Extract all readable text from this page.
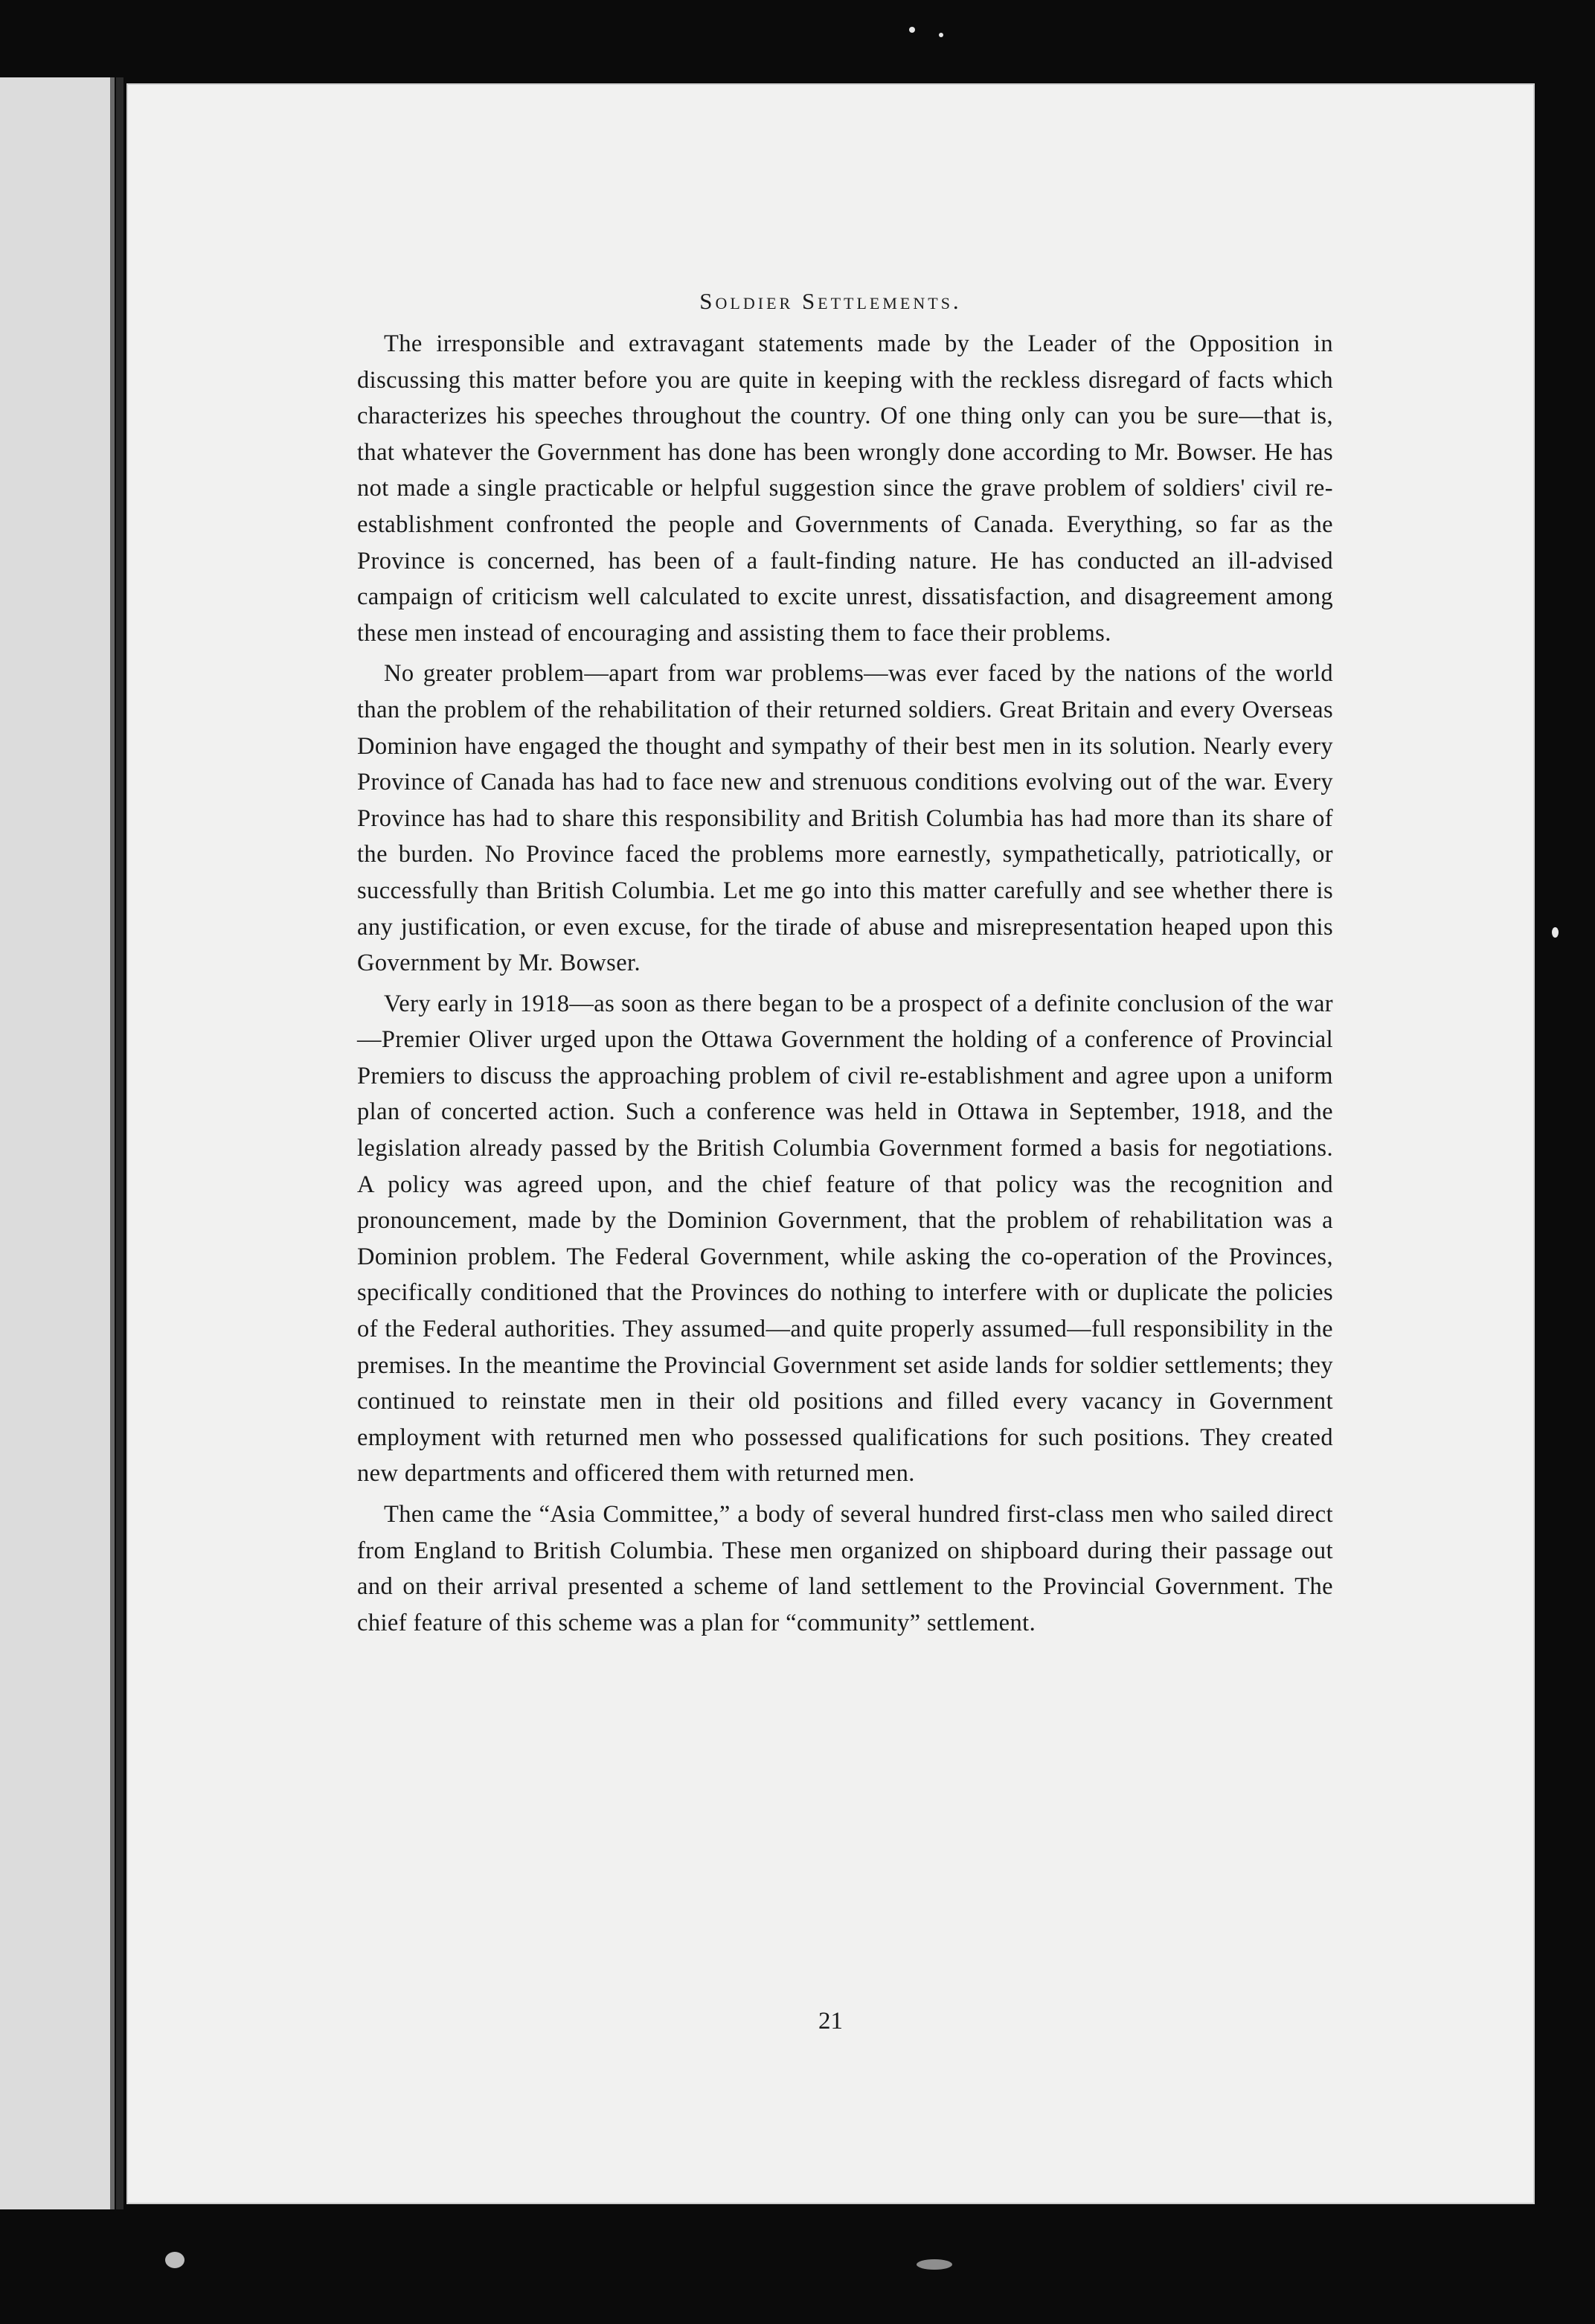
Soldier Settlements.

The irresponsible and extravagant statements made by the Leader of the Opposition in discussing this matter before you are quite in keeping with the reckless disregard of facts which characterizes his speeches throughout the country. Of one thing only can you be sure—that is, that whatever the Government has done has been wrongly done according to Mr. Bowser. He has not made a single practicable or helpful suggestion since the grave problem of soldiers' civil re-establishment confronted the people and Governments of Canada. Everything, so far as the Province is concerned, has been of a fault-finding nature. He has conducted an ill-advised campaign of criticism well calculated to excite unrest, dissatisfaction, and disagreement among these men instead of encouraging and assisting them to face their problems.

No greater problem—apart from war problems—was ever faced by the nations of the world than the problem of the rehabilitation of their returned soldiers. Great Britain and every Overseas Dominion have engaged the thought and sympathy of their best men in its solution. Nearly every Province of Canada has had to face new and strenuous conditions evolving out of the war. Every Province has had to share this responsibility and British Columbia has had more than its share of the burden. No Province faced the problems more earnestly, sympathetically, patriotically, or successfully than British Columbia. Let me go into this matter carefully and see whether there is any justification, or even excuse, for the tirade of abuse and misrepresentation heaped upon this Government by Mr. Bowser.

Very early in 1918—as soon as there began to be a prospect of a definite conclusion of the war—Premier Oliver urged upon the Ottawa Government the holding of a conference of Provincial Premiers to discuss the approaching problem of civil re-establishment and agree upon a uniform plan of concerted action. Such a conference was held in Ottawa in September, 1918, and the legislation already passed by the British Columbia Government formed a basis for negotiations. A policy was agreed upon, and the chief feature of that policy was the recognition and pronouncement, made by the Dominion Government, that the problem of rehabilitation was a Dominion problem. The Federal Government, while asking the co-operation of the Provinces, specifically conditioned that the Provinces do nothing to interfere with or duplicate the policies of the Federal authorities. They assumed—and quite properly assumed—full responsibility in the premises. In the meantime the Provincial Government set aside lands for soldier settlements; they continued to reinstate men in their old positions and filled every vacancy in Government employment with returned men who possessed qualifications for such positions. They created new departments and officered them with returned men.

Then came the “Asia Committee,” a body of several hundred first-class men who sailed direct from England to British Columbia. These men organized on shipboard during their passage out and on their arrival presented a scheme of land settlement to the Provincial Government. The chief feature of this scheme was a plan for “community” settlement.

21
